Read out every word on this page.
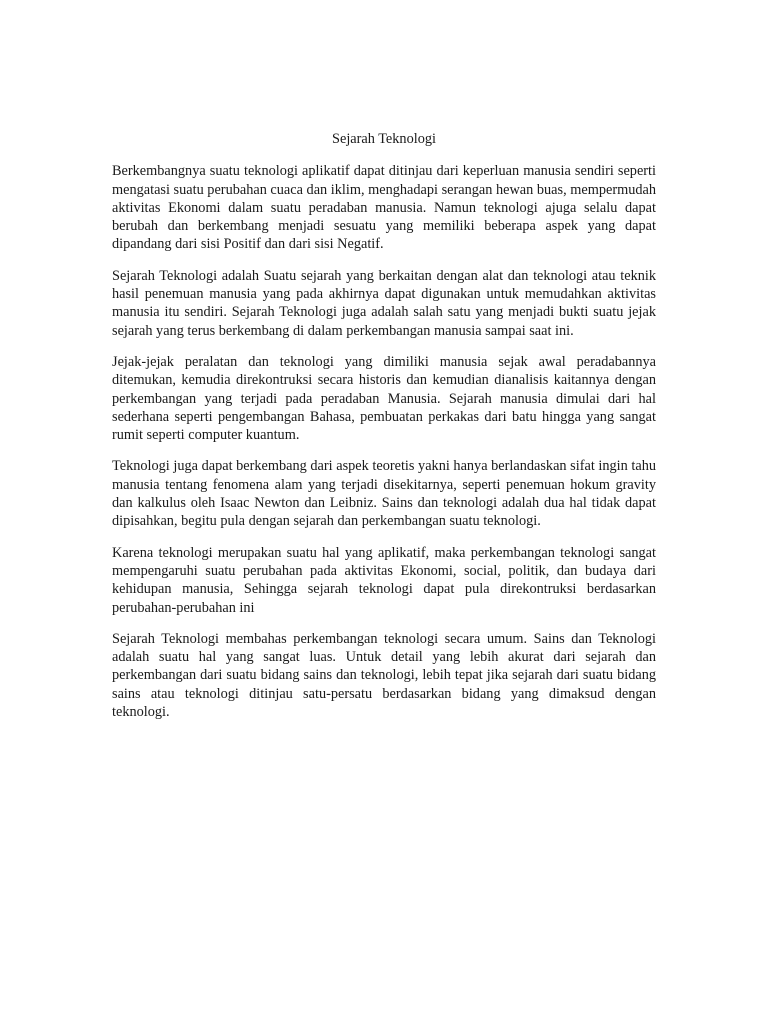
Sejarah Teknologi

Berkembangnya suatu teknologi aplikatif dapat ditinjau dari keperluan manusia sendiri seperti mengatasi suatu perubahan cuaca dan iklim, menghadapi serangan hewan buas, mempermudah aktivitas Ekonomi dalam suatu peradaban manusia. Namun teknologi ajuga selalu dapat berubah dan berkembang menjadi sesuatu yang memiliki beberapa aspek yang dapat dipandang dari sisi Positif dan dari sisi Negatif.

Sejarah Teknologi adalah Suatu sejarah yang berkaitan dengan alat dan teknologi atau teknik hasil penemuan manusia yang pada akhirnya dapat digunakan untuk memudahkan aktivitas manusia itu sendiri. Sejarah Teknologi juga adalah salah satu yang menjadi bukti suatu jejak sejarah yang terus berkembang di dalam perkembangan manusia sampai saat ini.

Jejak-jejak peralatan dan teknologi yang dimiliki manusia sejak awal peradabannya ditemukan, kemudia direkontruksi secara historis dan kemudian dianalisis kaitannya dengan perkembangan yang terjadi pada peradaban Manusia. Sejarah manusia dimulai dari hal sederhana seperti pengembangan Bahasa, pembuatan perkakas dari batu hingga yang sangat rumit seperti computer kuantum.

Teknologi juga dapat berkembang dari aspek teoretis yakni hanya berlandaskan sifat ingin tahu manusia tentang fenomena alam yang terjadi disekitarnya, seperti penemuan hokum gravity dan kalkulus oleh Isaac Newton dan Leibniz. Sains dan teknologi adalah dua hal tidak dapat dipisahkan, begitu pula dengan sejarah dan perkembangan suatu teknologi.

Karena teknologi merupakan suatu hal yang aplikatif, maka perkembangan teknologi sangat mempengaruhi suatu perubahan pada aktivitas Ekonomi, social, politik, dan budaya dari kehidupan manusia, Sehingga sejarah teknologi dapat pula direkontruksi berdasarkan perubahan-perubahan ini

Sejarah Teknologi membahas perkembangan teknologi secara umum. Sains dan Teknologi adalah suatu hal yang sangat luas. Untuk detail yang lebih akurat dari sejarah dan perkembangan dari suatu bidang sains dan teknologi, lebih tepat jika sejarah dari suatu bidang sains atau teknologi ditinjau satu-persatu berdasarkan bidang yang dimaksud dengan teknologi.
